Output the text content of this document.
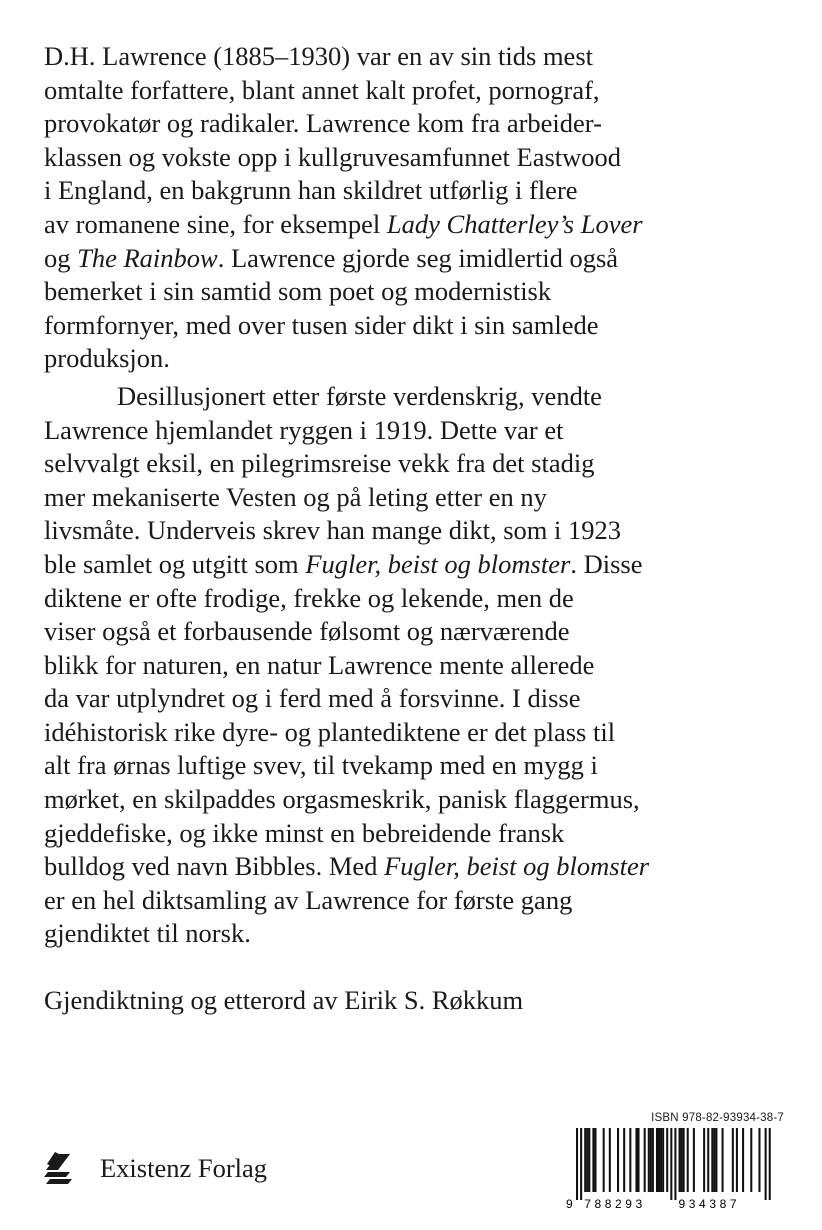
D.H. Lawrence (1885–1930) var en av sin tids mest
omtalte forfattere, blant annet kalt profet, pornograf,
provokatør og radikaler. Lawrence kom fra arbeider-
klassen og vokste opp i kullgruvesamfunnet Eastwood
i England, en bakgrunn han skildret utførlig i flere
av romanene sine, for eksempel Lady Chatterley’s Lover
og The Rainbow. Lawrence gjorde seg imidlertid også
bemerket i sin samtid som poet og modernistisk
formfornyer, med over tusen sider dikt i sin samlede
produksjon.
Desillusjonert etter første verdenskrig, vendte
Lawrence hjemlandet ryggen i 1919. Dette var et
selvvalgt eksil, en pilegrimsreise vekk fra det stadig
mer mekaniserte Vesten og på leting etter en ny
livsmåte. Underveis skrev han mange dikt, som i 1923
ble samlet og utgitt som Fugler, beist og blomster. Disse
diktene er ofte frodige, frekke og lekende, men de
viser også et forbausende følsomt og nærværende
blikk for naturen, en natur Lawrence mente allerede
da var utplyndret og i ferd med å forsvinne. I disse
idéhistorisk rike dyre- og plantediktene er det plass til
alt fra ørnas luftige svev, til tvekamp med en mygg i
mørket, en skilpaddes orgasmeskrik, panisk flaggermus,
gjeddefiske, og ikke minst en bebreidende fransk
bulldog ved navn Bibbles. Med Fugler, beist og blomster
er en hel diktsamling av Lawrence for første gang
gjendiktet til norsk.
Gjendiktning og etterord av Eirik S. Røkkum
Existenz Forlag
ISBN 978-82-93934-38-7
9 788293	934387
